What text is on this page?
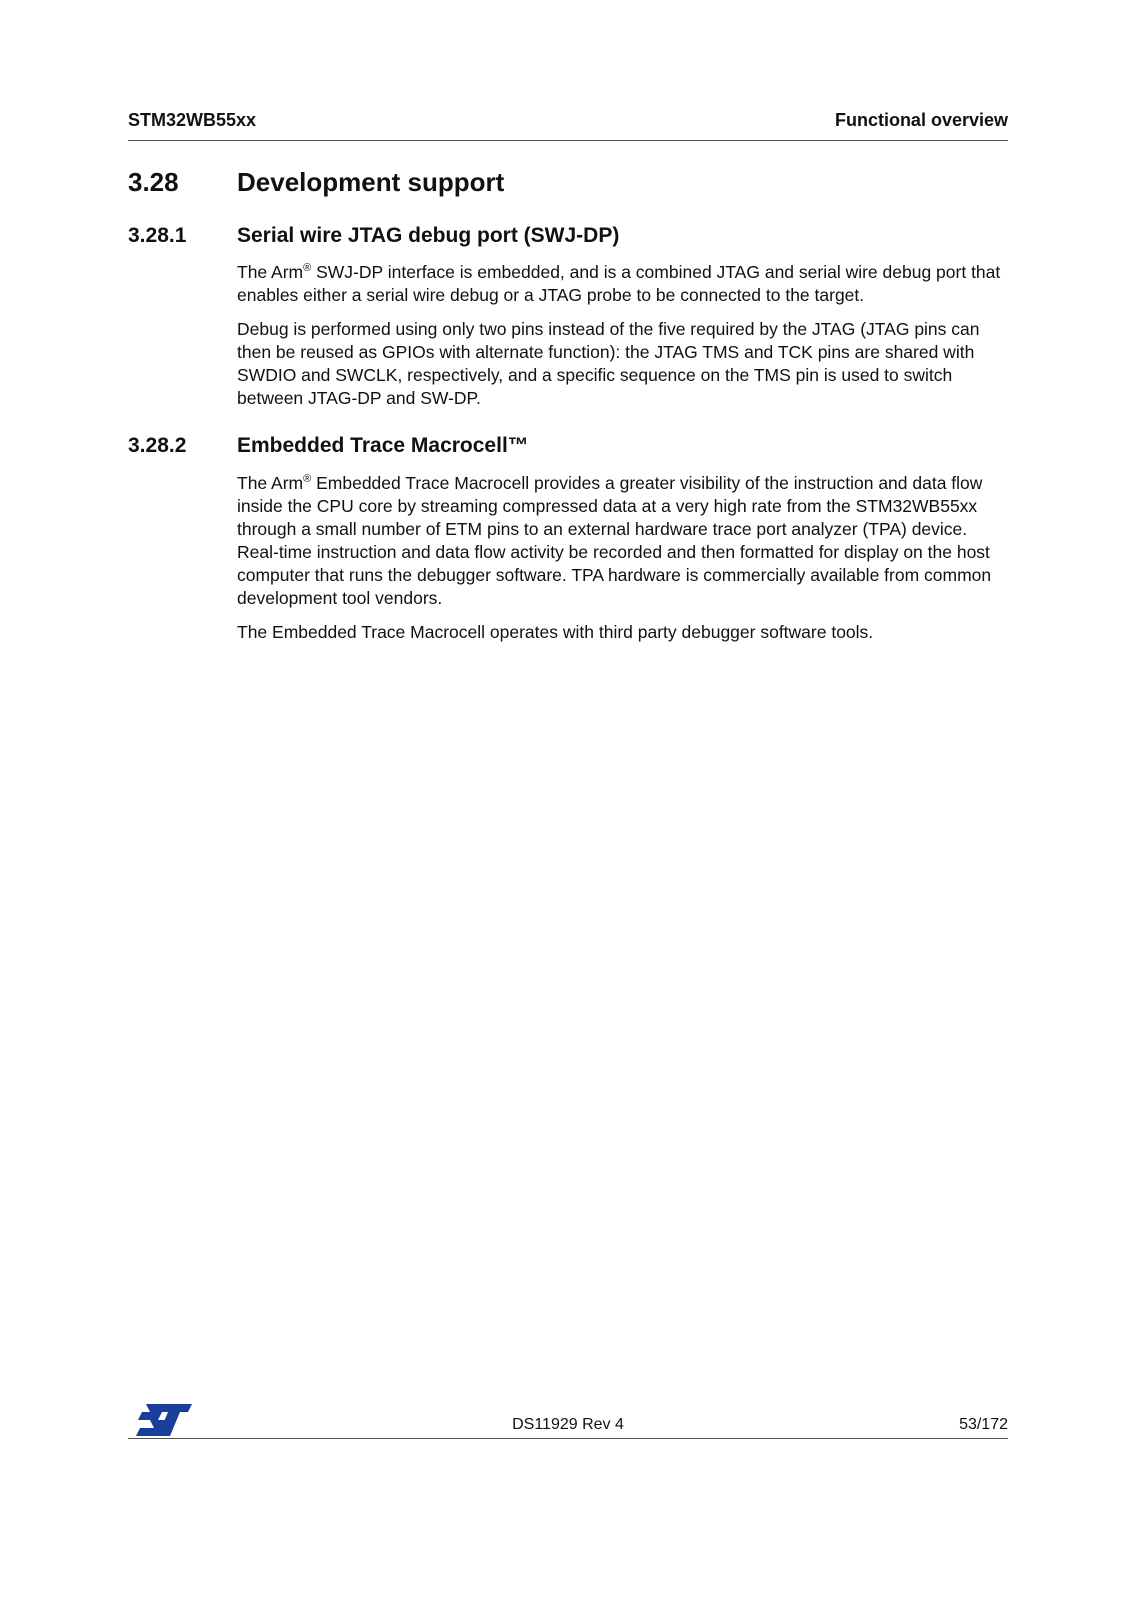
STM32WB55xx	Functional overview
3.28 Development support
3.28.1 Serial wire JTAG debug port (SWJ-DP)

The Arm® SWJ-DP interface is embedded, and is a combined JTAG and serial wire debug port that enables either a serial wire debug or a JTAG probe to be connected to the target.

Debug is performed using only two pins instead of the five required by the JTAG (JTAG pins can then be reused as GPIOs with alternate function): the JTAG TMS and TCK pins are shared with SWDIO and SWCLK, respectively, and a specific sequence on the TMS pin is used to switch between JTAG-DP and SW-DP.

3.28.2 Embedded Trace Macrocell™

The Arm® Embedded Trace Macrocell provides a greater visibility of the instruction and data flow inside the CPU core by streaming compressed data at a very high rate from the STM32WB55xx through a small number of ETM pins to an external hardware trace port analyzer (TPA) device. Real-time instruction and data flow activity be recorded and then formatted for display on the host computer that runs the debugger software. TPA hardware is commercially available from common development tool vendors.

The Embedded Trace Macrocell operates with third party debugger software tools.

ST
DS11929 Rev 4	53/172
